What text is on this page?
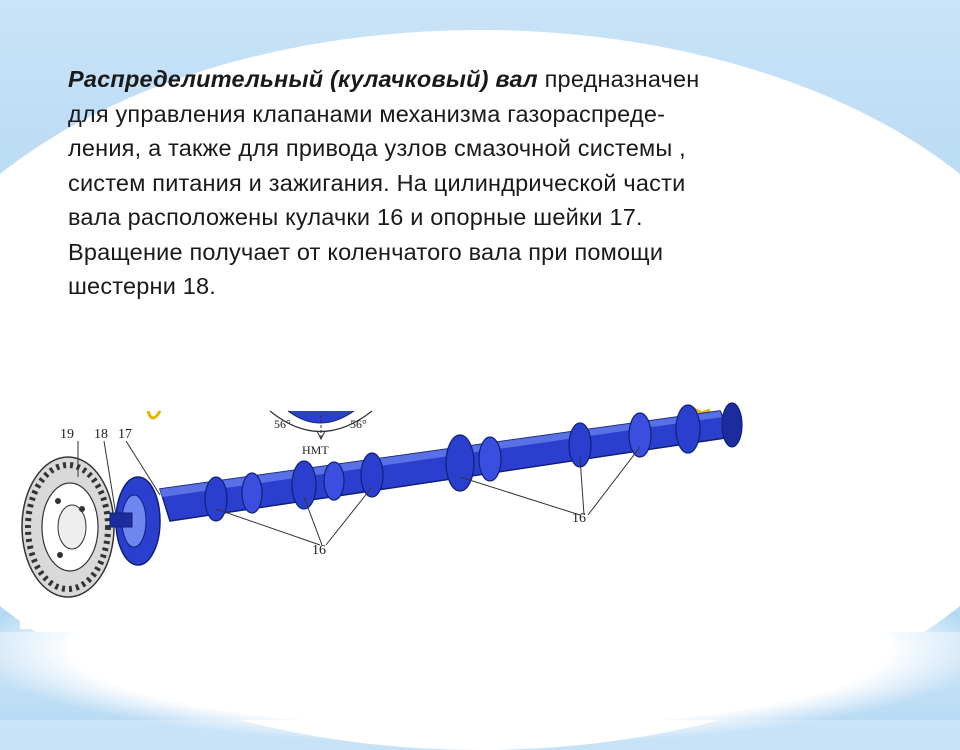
Распределительный (кулачковый) вал предназначен
для управления клапанами механизма газораспреде-
ления, а также для привода узлов смазочной системы ,
систем питания и зажигания. На цилиндрической части
вала расположены кулачки 16 и опорные шейки 17.
Вращение получает от коленчатого вала при помощи
шестерни 18.
19 18 17
16
16
НМТ
56°	56°
